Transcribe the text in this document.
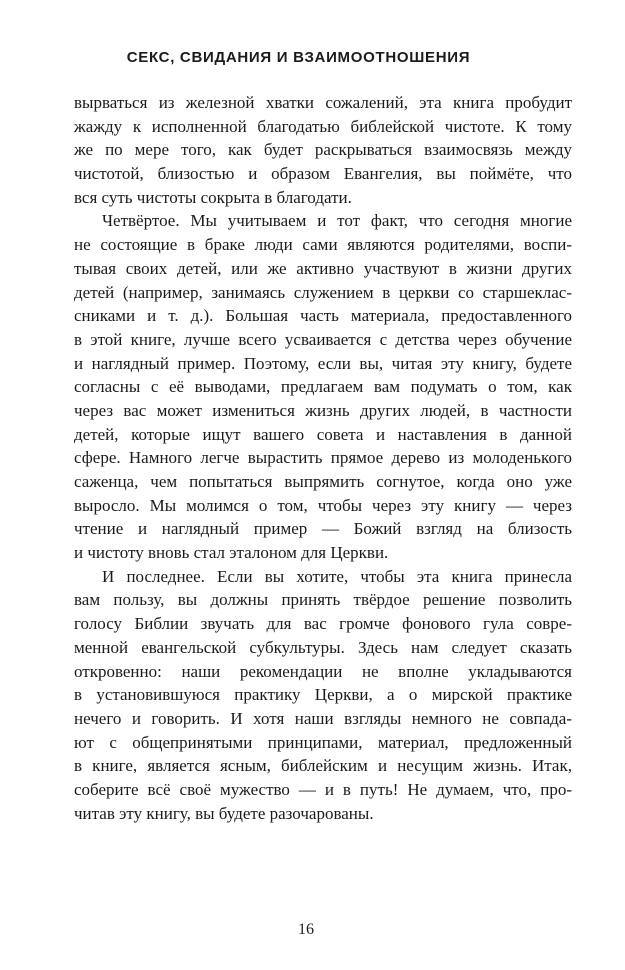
СЕКС, СВИДАНИЯ И ВЗАИМООТНОШЕНИЯ
вырваться из железной хватки сожалений, эта книга пробудит
жажду к исполненной благодатью библейской чистоте. К тому
же по мере того, как будет раскрываться взаимосвязь между
чистотой, близостью и образом Евангелия, вы поймёте, что
вся суть чистоты сокрыта в благодати.
Четвёртое. Мы учитываем и тот факт, что сегодня многие
не состоящие в браке люди сами являются родителями, воспи-
тывая своих детей, или же активно участвуют в жизни других
детей (например, занимаясь служением в церкви со старшеклас-
сниками и т. д.). Большая часть материала, предоставленного
в этой книге, лучше всего усваивается с детства через обучение
и наглядный пример. Поэтому, если вы, читая эту книгу, будете
согласны с её выводами, предлагаем вам подумать о том, как
через вас может измениться жизнь других людей, в частности
детей, которые ищут вашего совета и наставления в данной
сфере. Намного легче вырастить прямое дерево из молоденького
саженца, чем попытаться выпрямить согнутое, когда оно уже
выросло. Мы молимся о том, чтобы через эту книгу — через
чтение и наглядный пример — Божий взгляд на близость
и чистоту вновь стал эталоном для Церкви.
И последнее. Если вы хотите, чтобы эта книга принесла
вам пользу, вы должны принять твёрдое решение позволить
голосу Библии звучать для вас громче фонового гула совре-
менной евангельской субкультуры. Здесь нам следует сказать
откровенно: наши рекомендации не вполне укладываются
в установившуюся практику Церкви, а о мирской практике
нечего и говорить. И хотя наши взгляды немного не совпада-
ют с общепринятыми принципами, материал, предложенный
в книге, является ясным, библейским и несущим жизнь. Итак,
соберите всё своё мужество — и в путь! Не думаем, что, про-
читав эту книгу, вы будете разочарованы.
16
